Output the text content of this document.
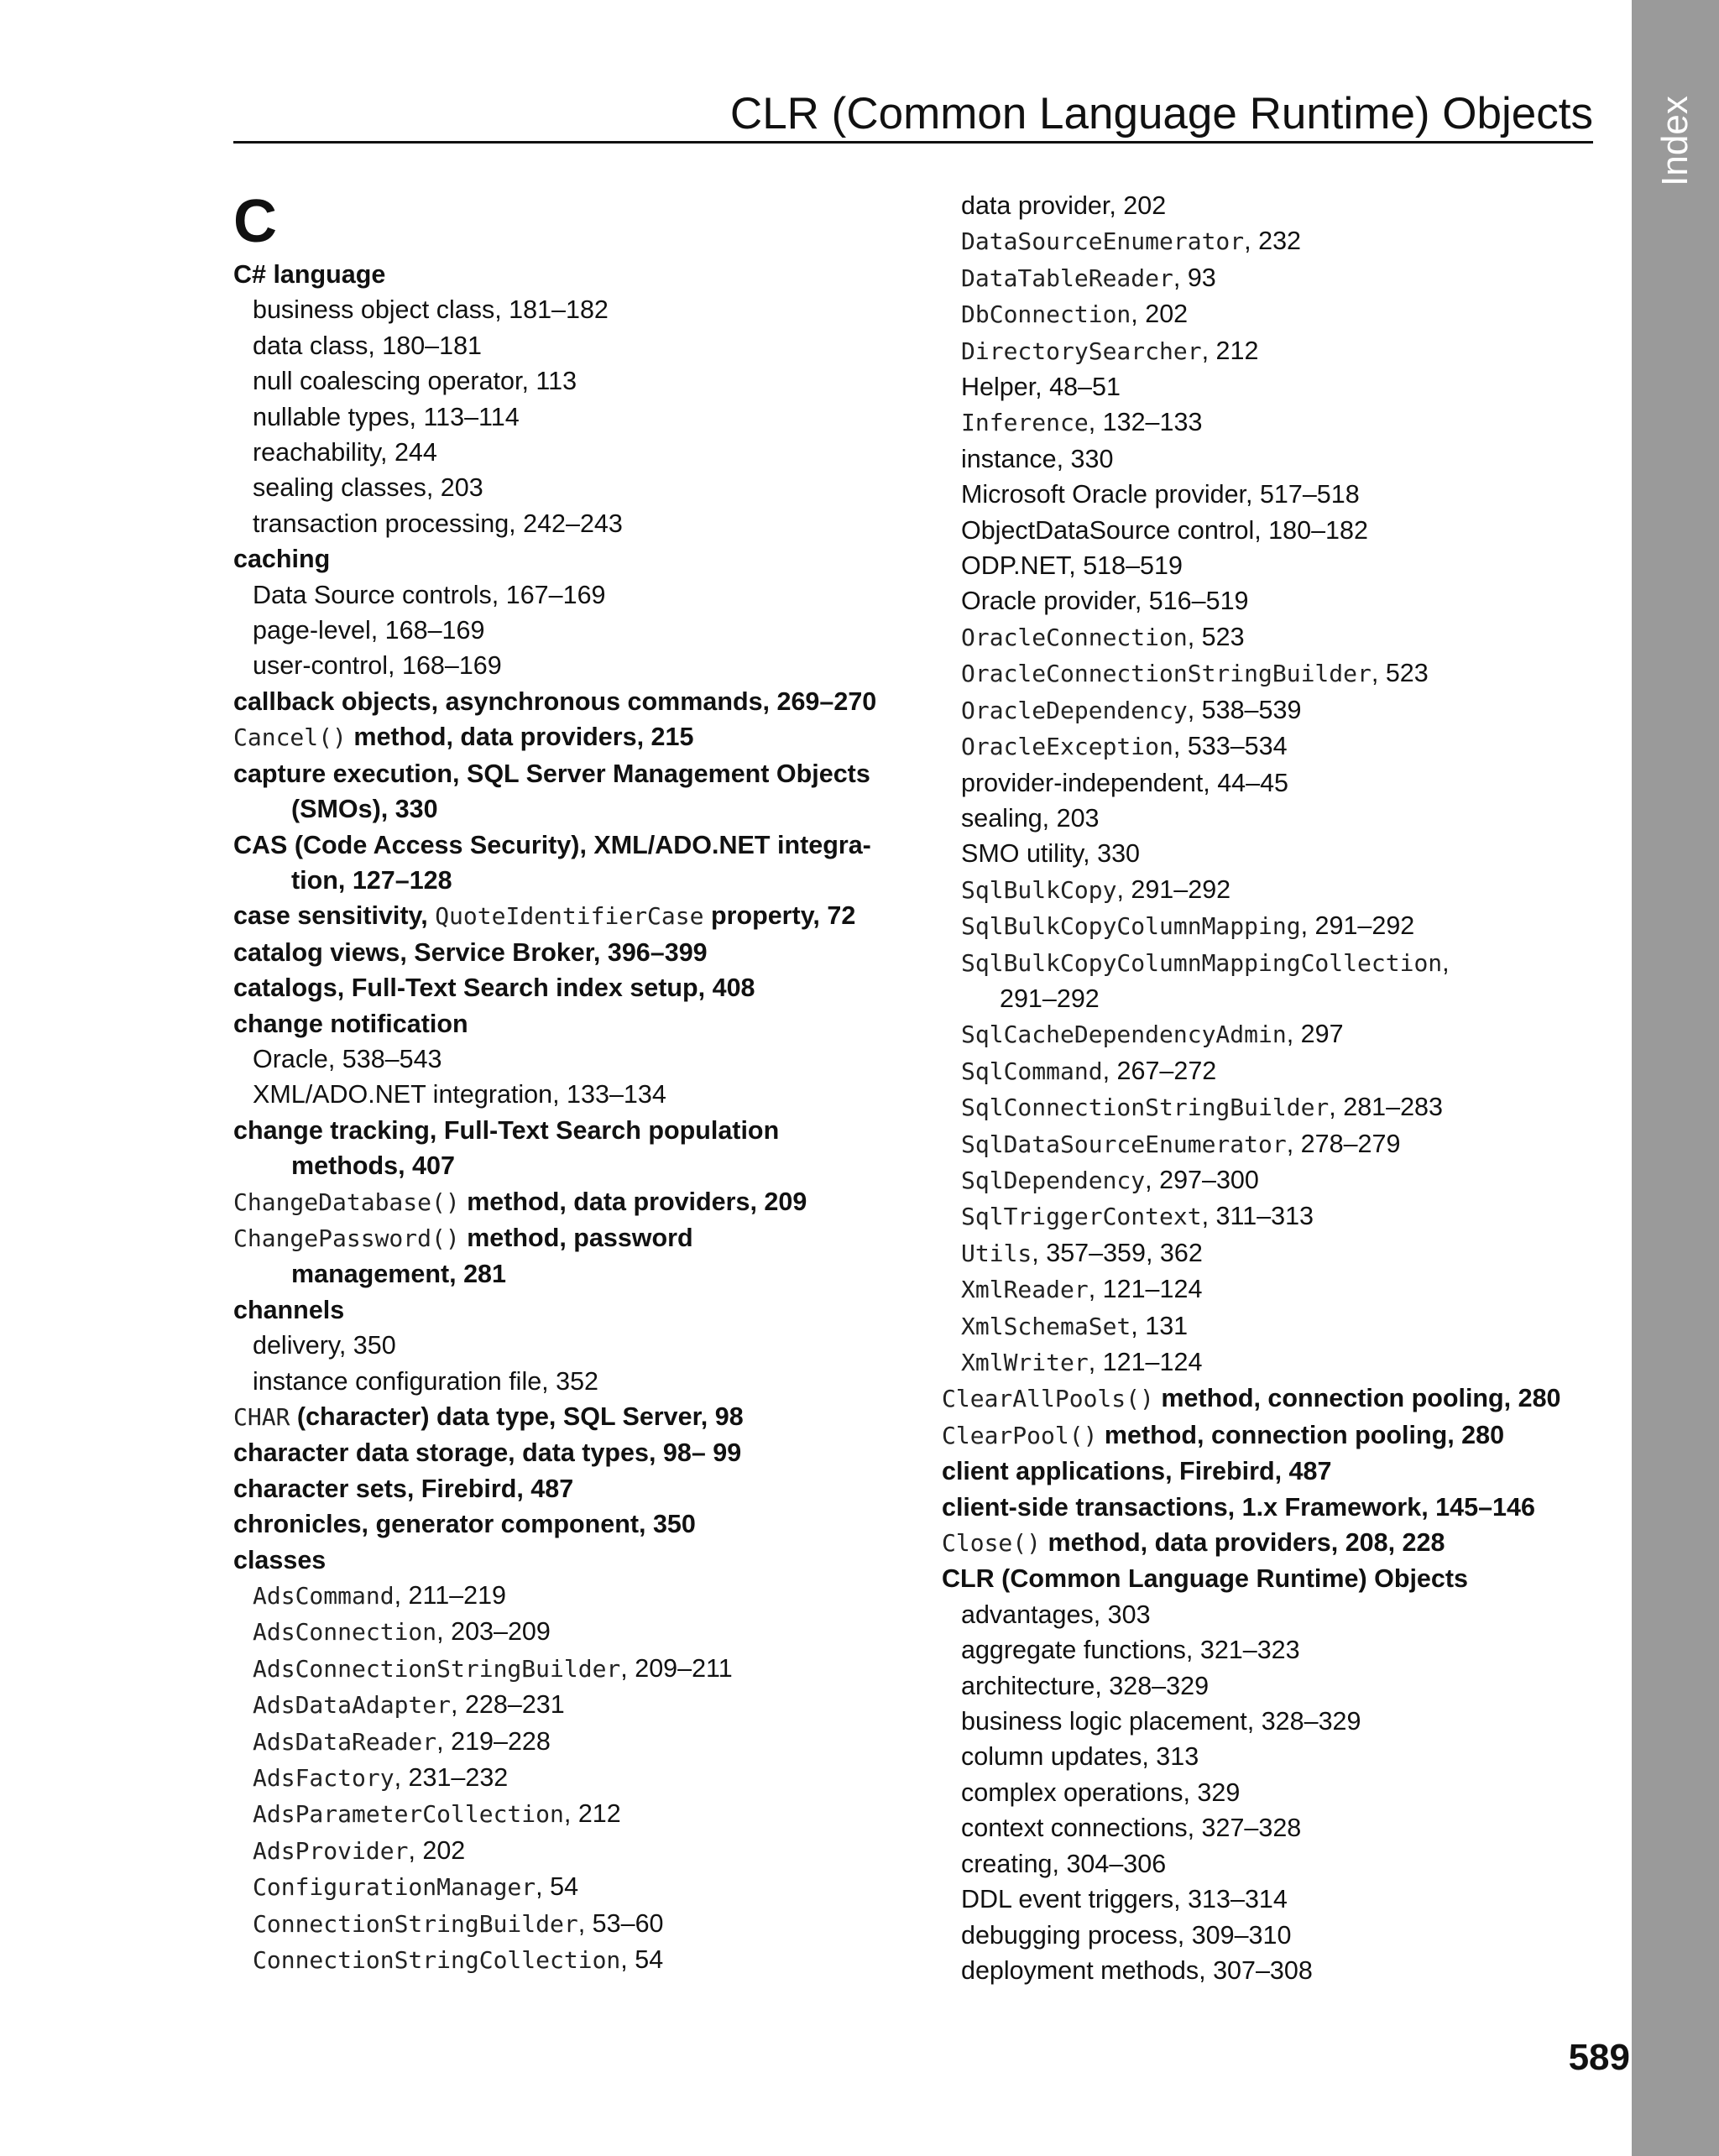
CLR (Common Language Runtime) Objects
C
C# language
business object class, 181–182
data class, 180–181
null coalescing operator, 113
nullable types, 113–114
reachability, 244
sealing classes, 203
transaction processing, 242–243
caching
Data Source controls, 167–169
page-level, 168–169
user-control, 168–169
callback objects, asynchronous commands, 269–270
Cancel() method, data providers, 215
capture execution, SQL Server Management Objects
(SMOs), 330
CAS (Code Access Security), XML/ADO.NET integra-
tion, 127–128
case sensitivity, QuoteIdentifierCase property, 72
catalog views, Service Broker, 396–399
catalogs, Full-Text Search index setup, 408
change notification
Oracle, 538–543
XML/ADO.NET integration, 133–134
change tracking, Full-Text Search population
methods, 407
ChangeDatabase() method, data providers, 209
ChangePassword() method, password
management, 281
channels
delivery, 350
instance configuration file, 352
CHAR (character) data type, SQL Server, 98
character data storage, data types, 98– 99
character sets, Firebird, 487
chronicles, generator component, 350
classes
AdsCommand, 211–219
AdsConnection, 203–209
AdsConnectionStringBuilder, 209–211
AdsDataAdapter, 228–231
AdsDataReader, 219–228
AdsFactory, 231–232
AdsParameterCollection, 212
AdsProvider, 202
ConfigurationManager, 54
ConnectionStringBuilder, 53–60
ConnectionStringCollection, 54
data provider, 202
DataSourceEnumerator, 232
DataTableReader, 93
DbConnection, 202
DirectorySearcher, 212
Helper, 48–51
Inference, 132–133
instance, 330
Microsoft Oracle provider, 517–518
ObjectDataSource control, 180–182
ODP.NET, 518–519
Oracle provider, 516–519
OracleConnection, 523
OracleConnectionStringBuilder, 523
OracleDependency, 538–539
OracleException, 533–534
provider-independent, 44–45
sealing, 203
SMO utility, 330
SqlBulkCopy, 291–292
SqlBulkCopyColumnMapping, 291–292
SqlBulkCopyColumnMappingCollection,
291–292
SqlCacheDependencyAdmin, 297
SqlCommand, 267–272
SqlConnectionStringBuilder, 281–283
SqlDataSourceEnumerator, 278–279
SqlDependency, 297–300
SqlTriggerContext, 311–313
Utils, 357–359, 362
XmlReader, 121–124
XmlSchemaSet, 131
XmlWriter, 121–124
ClearAllPools() method, connection pooling, 280
ClearPool() method, connection pooling, 280
client applications, Firebird, 487
client-side transactions, 1.x Framework, 145–146
Close() method, data providers, 208, 228
CLR (Common Language Runtime) Objects
advantages, 303
aggregate functions, 321–323
architecture, 328–329
business logic placement, 328–329
column updates, 313
complex operations, 329
context connections, 327–328
creating, 304–306
DDL event triggers, 313–314
debugging process, 309–310
deployment methods, 307–308
Index
589
